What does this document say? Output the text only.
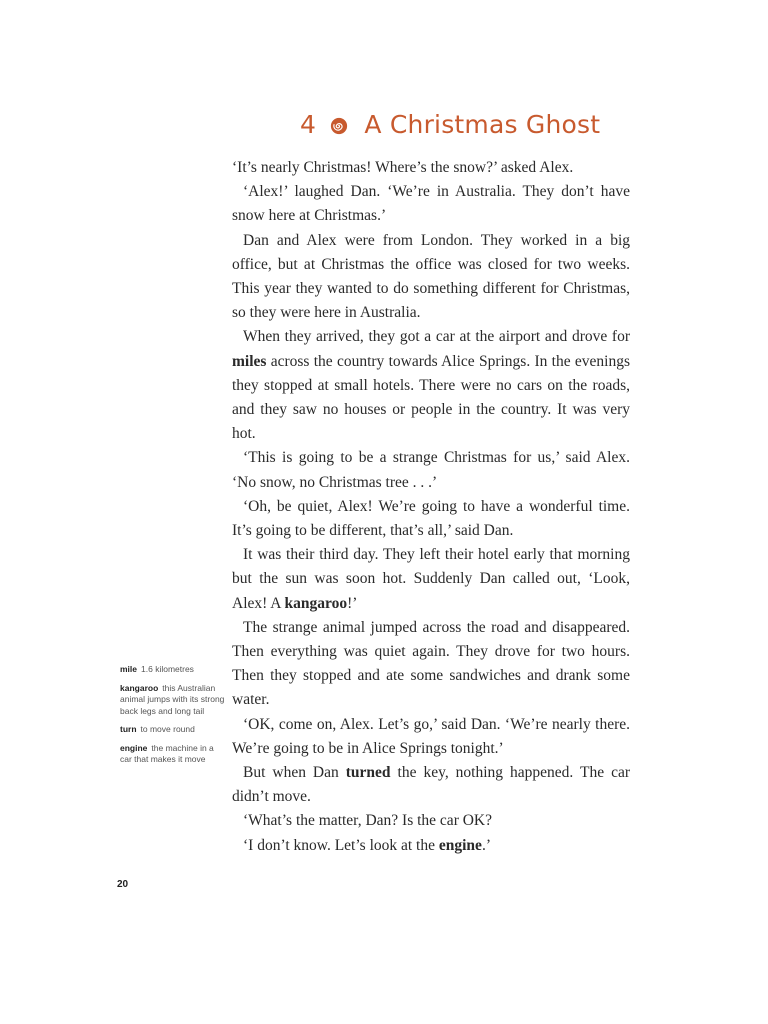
4 A Christmas Ghost

‘It’s nearly Christmas! Where’s the snow?’ asked Alex.

‘Alex!’ laughed Dan. ‘We’re in Australia. They don’t have snow here at Christmas.’

Dan and Alex were from London. They worked in a big office, but at Christmas the office was closed for two weeks. This year they wanted to do something different for Christmas, so they were here in Australia.

When they arrived, they got a car at the airport and drove for miles across the country towards Alice Springs. In the evenings they stopped at small hotels. There were no cars on the roads, and they saw no houses or people in the country. It was very hot.

‘This is going to be a strange Christmas for us,’ said Alex. ‘No snow, no Christmas tree . . .’

‘Oh, be quiet, Alex! We’re going to have a wonderful time. It’s going to be different, that’s all,’ said Dan.

It was their third day. They left their hotel early that morning but the sun was soon hot. Suddenly Dan called out, ‘Look, Alex! A kangaroo!’

The strange animal jumped across the road and disappeared. Then everything was quiet again. They drove for two hours. Then they stopped and ate some sandwiches and drank some water.

‘OK, come on, Alex. Let’s go,’ said Dan. ‘We’re nearly there. We’re going to be in Alice Springs tonight.’

But when Dan turned the key, nothing happened. The car didn’t move.

‘What’s the matter, Dan? Is the car OK?

‘I don’t know. Let’s look at the engine.’

mile 1.6 kilometres
kangaroo this Australian animal jumps with its strong back legs and long tail
turn to move round
engine the machine in a car that makes it move
20
